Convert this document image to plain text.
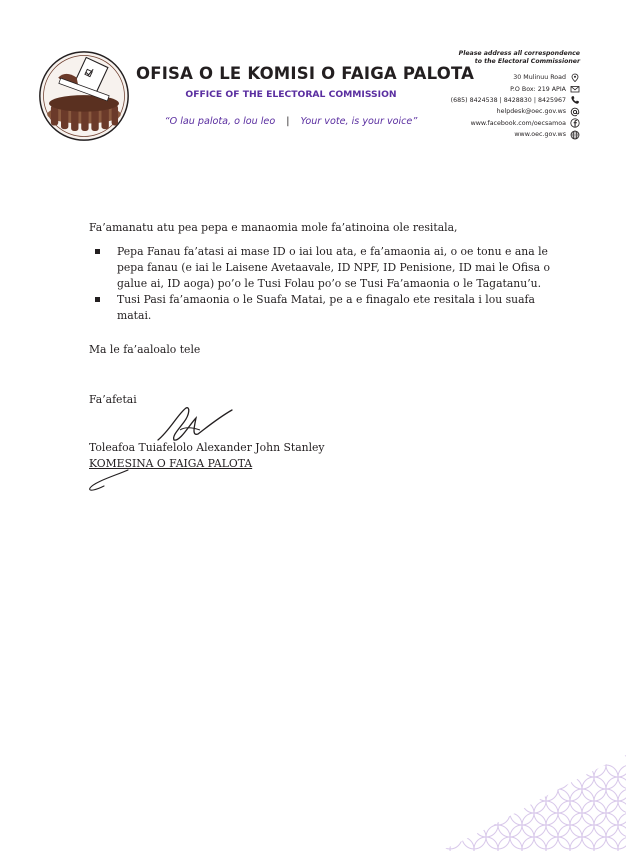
OFISA O LE KOMISI O FAIGA PALOTA
OFFICE OF THE ELECTORAL COMMISSION
“O lau palota, o lou leo | Your vote, is your voice”
Please address all correspondence
to the Electoral Commissioner
30 Mulinuu Road
P.O Box: 219 APIA
(685) 8424538 | 8428830 | 8425967
helpdesk@oec.gov.ws
www.facebook.com/oecsamoa
www.oec.gov.ws

Fa’amanatu atu pea pepa e manaomia mole fa’atinoina ole resitala,

Pepa Fanau fa’atasi ai mase ID o iai lou ata, e fa’amaonia ai, o oe tonu e ana le pepa fanau (e iai le Laisene Avetaavale, ID NPF, ID Penisione, ID mai le Ofisa o galue ai, ID aoga) po’o le Tusi Folau po’o se Tusi Fa’amaonia o le Tagatanu’u.
Tusi Pasi fa’amaonia o le Suafa Matai, pe a e finagalo ete resitala i lou suafa matai.

Ma le fa’aaloalo tele

Fa’afetai

Toleafoa Tuiafelolo Alexander John Stanley
KOMESINA O FAIGA PALOTA
